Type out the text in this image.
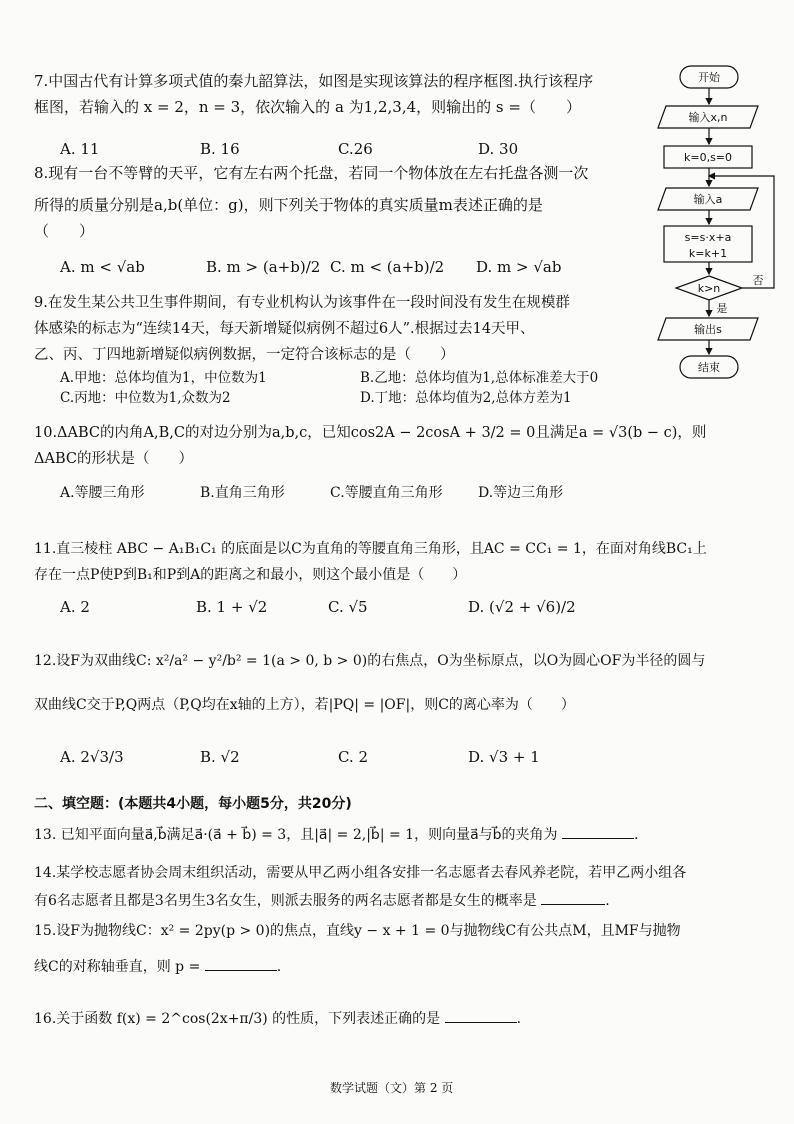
开始
输入x,n
k=0,s=0
输入a
s=s·x+a
k=k+1
k>n
否
是
输出s
结束
7.中国古代有计算多项式值的秦九韶算法，如图是实现该算法的程序框图.执行该程序
框图，若输入的 x = 2，n = 3，依次输入的 a 为1,2,3,4，则输出的 s =（　　）
A. 11	B. 16	C.26	D. 30
8.现有一台不等臂的天平，它有左右两个托盘，若同一个物体放在左右托盘各测一次
所得的质量分别是a,b(单位：g)，则下列关于物体的真实质量m表述正确的是
（　　）
A. m < √ab	B. m > (a+b)/2 C. m < (a+b)/2 D. m > √ab
9.在发生某公共卫生事件期间，有专业机构认为该事件在一段时间没有发生在规模群
体感染的标志为“连续14天，每天新增疑似病例不超过6人”.根据过去14天甲、
乙、丙、丁四地新增疑似病例数据，一定符合该标志的是（　　）
A.甲地：总体均值为1，中位数为1	B.乙地：总体均值为1,总体标准差大于0
C.丙地：中位数为1,众数为2	D.丁地：总体均值为2,总体方差为1
10.ΔABC的内角A,B,C的对边分别为a,b,c，已知cos2A − 2cosA + 3/2 = 0且满足a = √3(b − c)，则
ΔABC的形状是（　　）
A.等腰三角形	B.直角三角形	C.等腰直角三角形	D.等边三角形
11.直三棱柱 ABC − A₁B₁C₁ 的底面是以C为直角的等腰直角三角形，且AC = CC₁ = 1，在面对角线BC₁上
存在一点P使P到B₁和P到A的距离之和最小，则这个最小值是（　　）
A. 2	B. 1 + √2	C. √5	D. (√2 + √6)/2
12.设F为双曲线C: x²/a² − y²/b² = 1(a > 0, b > 0)的右焦点，O为坐标原点，以O为圆心OF为半径的圆与
双曲线C交于P,Q两点（P,Q均在x轴的上方），若|PQ| = |OF|，则C的离心率为（　　）
A. 2√3/3	B. √2	C. 2	D. √3 + 1
二、填空题：(本题共4小题，每小题5分，共20分)
13. 已知平面向量a⃗,b⃗满足a⃗·(a⃗ + b⃗) = 3，且|a⃗| = 2,|b⃗| = 1，则向量a⃗与b⃗的夹角为	.
14.某学校志愿者协会周末组织活动，需要从甲乙两小组各安排一名志愿者去春风养老院，若甲乙两小组各
有6名志愿者且都是3名男生3名女生，则派去服务的两名志愿者都是女生的概率是	.
15.设F为抛物线C：x² = 2py(p > 0)的焦点，直线y − x + 1 = 0与抛物线C有公共点M，且MF与抛物
线C的对称轴垂直，则 p =	.
16.关于函数 f(x) = 2^cos(2x+π/3) 的性质，下列表述正确的是	.
数学试题（文）第 2 页
